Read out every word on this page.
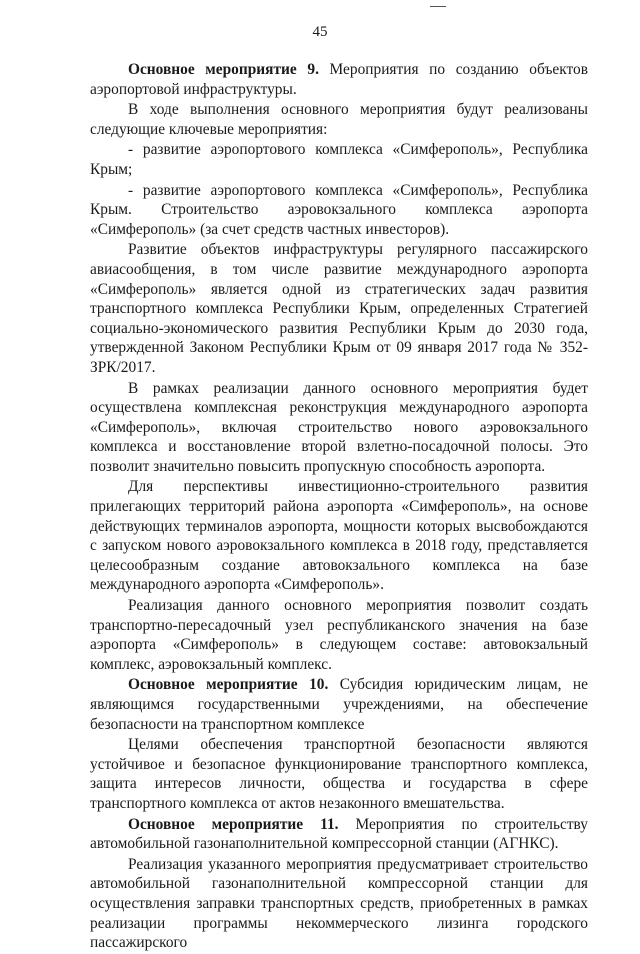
45

Основное мероприятие 9. Мероприятия по созданию объектов аэропортовой инфраструктуры.

В ходе выполнения основного мероприятия будут реализованы следующие ключевые мероприятия:

- развитие аэропортового комплекса «Симферополь», Республика Крым;

- развитие аэропортового комплекса «Симферополь», Республика Крым. Строительство аэровокзального комплекса аэропорта «Симферополь» (за счет средств частных инвесторов).

Развитие объектов инфраструктуры регулярного пассажирского авиасообщения, в том числе развитие международного аэропорта «Симферополь» является одной из стратегических задач развития транспортного комплекса Республики Крым, определенных Стратегией социально-экономического развития Республики Крым до 2030 года, утвержденной Законом Республики Крым от 09 января 2017 года № 352-ЗРК/2017.

В рамках реализации данного основного мероприятия будет осуществлена комплексная реконструкция международного аэропорта «Симферополь», включая строительство нового аэровокзального комплекса и восстановление второй взлетно-посадочной полосы. Это позволит значительно повысить пропускную способность аэропорта.

Для перспективы инвестиционно-строительного развития прилегающих территорий района аэропорта «Симферополь», на основе действующих терминалов аэропорта, мощности которых высвобождаются с запуском нового аэровокзального комплекса в 2018 году, представляется целесообразным создание автовокзального комплекса на базе международного аэропорта «Симферополь».

Реализация данного основного мероприятия позволит создать транспортно-пересадочный узел республиканского значения на базе аэропорта «Симферополь» в следующем составе: автовокзальный комплекс, аэровокзальный комплекс.

Основное мероприятие 10. Субсидия юридическим лицам, не являющимся государственными учреждениями, на обеспечение безопасности на транспортном комплексе

Целями обеспечения транспортной безопасности являются устойчивое и безопасное функционирование транспортного комплекса, защита интересов личности, общества и государства в сфере транспортного комплекса от актов незаконного вмешательства.

Основное мероприятие 11. Мероприятия по строительству автомобильной газонаполнительной компрессорной станции (АГНКС).

Реализация указанного мероприятия предусматривает строительство автомобильной газонаполнительной компрессорной станции для осуществления заправки транспортных средств, приобретенных в рамках реализации программы некоммерческого лизинга городского пассажирского
